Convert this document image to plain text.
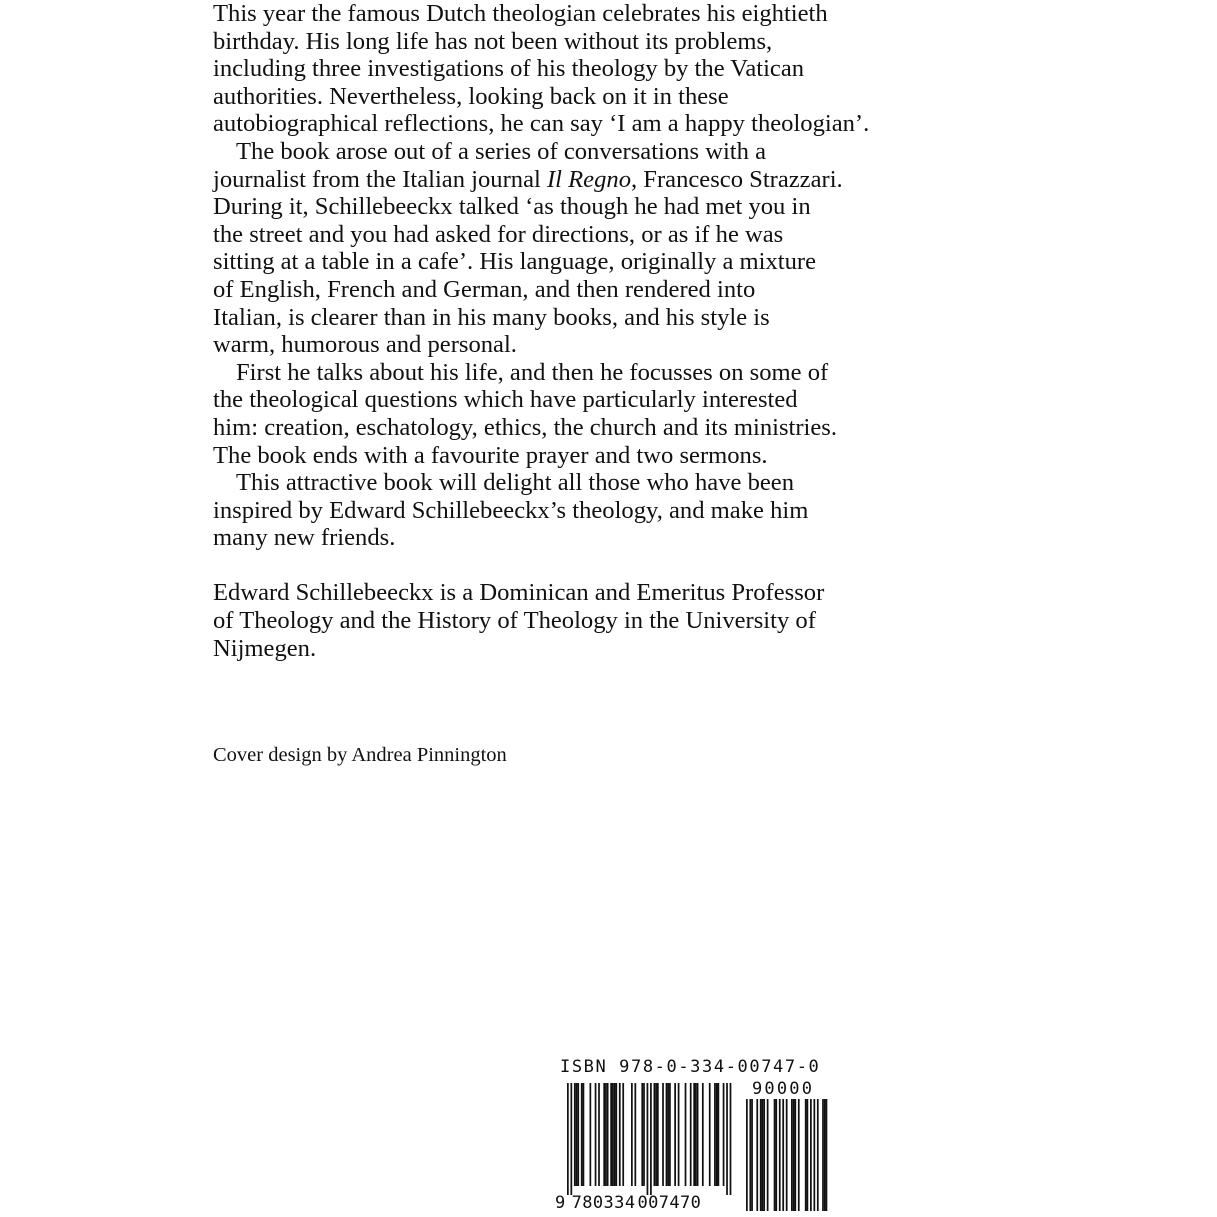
This year the famous Dutch theologian celebrates his eightieth
birthday. His long life has not been without its problems,
including three investigations of his theology by the Vatican
authorities. Nevertheless, looking back on it in these
autobiographical reflections, he can say ‘I am a happy theologian’.

The book arose out of a series of conversations with a
journalist from the Italian journal Il Regno, Francesco Strazzari.
During it, Schillebeeckx talked ‘as though he had met you in
the street and you had asked for directions, or as if he was
sitting at a table in a cafe’. His language, originally a mixture
of English, French and German, and then rendered into
Italian, is clearer than in his many books, and his style is
warm, humorous and personal.

First he talks about his life, and then he focusses on some of
the theological questions which have particularly interested
him: creation, eschatology, ethics, the church and its ministries.
The book ends with a favourite prayer and two sermons.

This attractive book will delight all those who have been
inspired by Edward Schillebeeckx’s theology, and make him
many new friends.

Edward Schillebeeckx is a Dominican and Emeritus Professor
of Theology and the History of Theology in the University of
Nijmegen.

Cover design by Andrea Pinnington

ISBN 978-0-334-00747-0
90000
9 780334 007470
